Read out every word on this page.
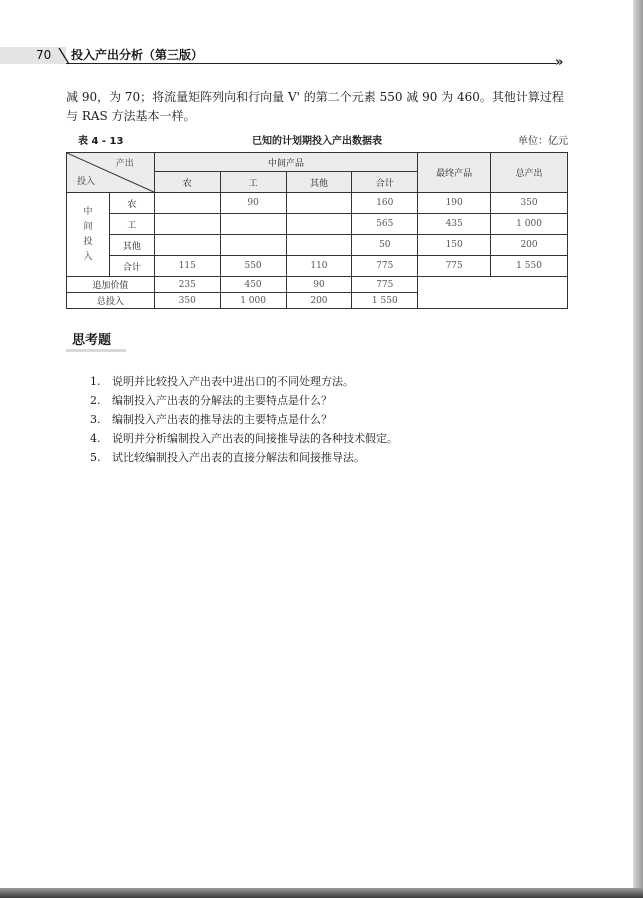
70 投入产出分析（第三版）	»
减 90，为 70；将流量矩阵列向和行向量 V' 的第二个元素 550 减 90 为 460。其他计算过程与 RAS 方法基本一样。
表 4 - 13	已知的计划期投入产出数据表	单位：亿元
产出
投入		中间产品				最终产品	总产出
		农	工	其他	合计		

中间投入	农		90		160	190	350
	工				565	435	1 000
	其他				50	150	200
	合计	115	550	110	775	775	1 550
追加价值		235	450	90	775		
总投入		350	1 000	200	1 550		
思考题
1. 说明并比较投入产出表中进出口的不同处理方法。
2. 编制投入产出表的分解法的主要特点是什么？
3. 编制投入产出表的推导法的主要特点是什么？
4. 说明并分析编制投入产出表的间接推导法的各种技术假定。
5. 试比较编制投入产出表的直接分解法和间接推导法。
